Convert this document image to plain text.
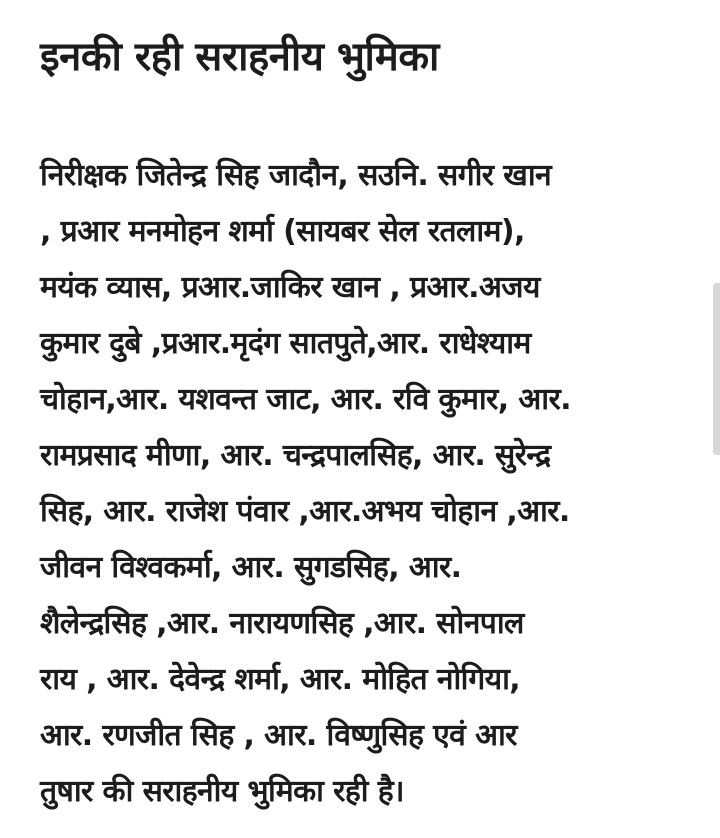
इनकी रही सराहनीय भुमिका
निरीक्षक जितेन्द्र सिह जादौन, सउनि. सगीर खान
, प्रआर मनमोहन शर्मा (सायबर सेल रतलाम),
मयंक व्यास, प्रआर.जाकिर खान , प्रआर.अजय
कुमार दुबे ,प्रआर.मृदंग सातपुते,आर. राधेश्याम
चोहान,आर. यशवन्त जाट, आर. रवि कुमार, आर.
रामप्रसाद मीणा, आर. चन्द्रपालसिह, आर. सुरेन्द्र
सिह, आर. राजेश पंवार ,आर.अभय चोहान ,आर.
जीवन विश्वकर्मा, आर. सुगडसिह, आर.
शैलेन्द्रसिह ,आर. नारायणसिह ,आर. सोनपाल
राय , आर. देवेन्द्र शर्मा, आर. मोहित नोगिया,
आर. रणजीत सिह , आर. विष्णुसिह एवं आर
तुषार की सराहनीय भुमिका रही है।
